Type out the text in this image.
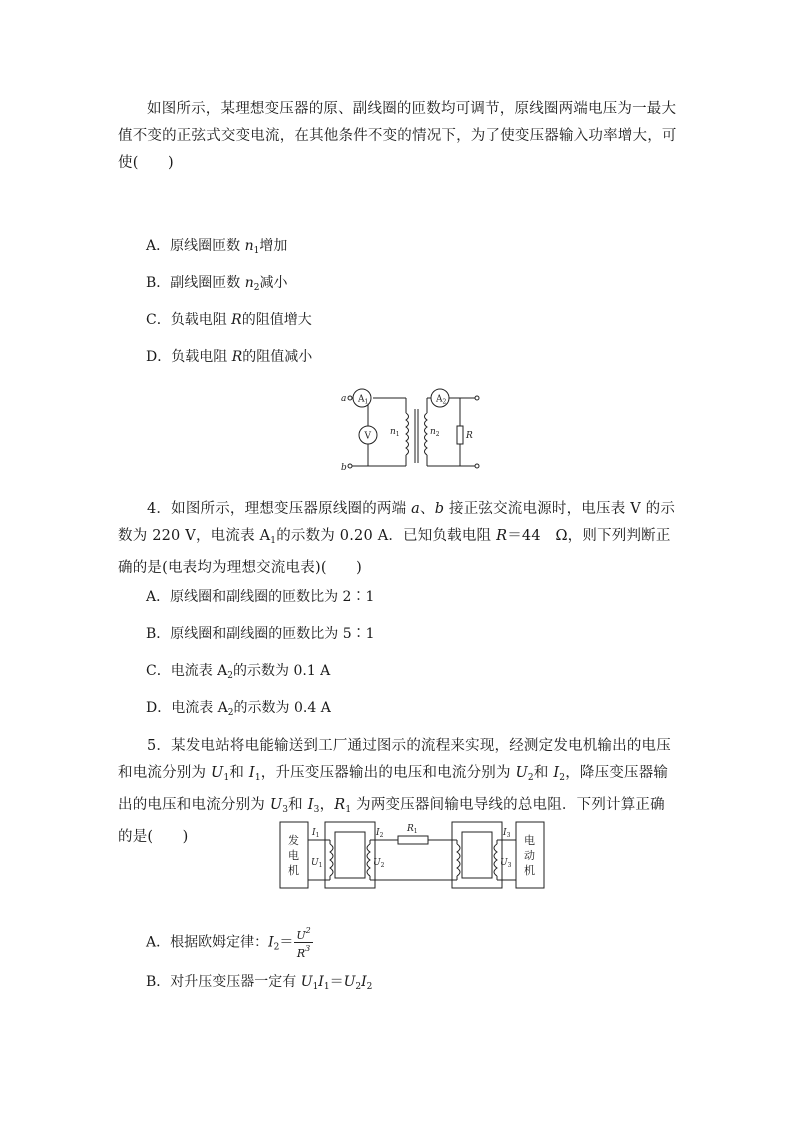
如图所示，某理想变压器的原、副线圈的匝数均可调节，原线圈两端电压为一最大值不变的正弦式交变电流，在其他条件不变的情况下，为了使变压器输入功率增大，可使(　　)
A．原线圈匝数 $n_1$增加
B．副线圈匝数 $n_2$减小
C．负载电阻 R的阻值增大
D．负载电阻 R的阻值减小
a
b
V
$A_1$	$A_2$
$n_1$	$n_2$	R
4．如图所示，理想变压器原线圈的两端 a、b 接正弦交流电源时，电压表 V 的示数为 220 V，电流表 $A_1$的示数为 0.20 A．已知负载电阻 R＝44　Ω，则下列判断正确的是(电表均为理想交流电表)(　　)
A．原线圈和副线圈的匝数比为 2∶1
B．原线圈和副线圈的匝数比为 5∶1
C．电流表 $A_2$的示数为 0.1 A
D．电流表 $A_2$的示数为 0.4 A
5．某发电站将电能输送到工厂通过图示的流程来实现，经测定发电机输出的电压和电流分别为 $U_1$和 $I_1$，升压变压器输出的电压和电流分别为 $U_2$和 $I_2$，降压变压器输出的电压和电流分别为 $U_3$和 $I_3$，$R_1$ 为两变压器间输电导线的总电阻．下列计算正确的是(　　)	发
电
机
电
动
机
$I_1$
$U_1$
$I_2$
$U_2$
$R_1$	$I_3$
$U_3$
A．根据欧姆定律：$I_2= \frac{U^2}{R^3}$
B．对升压变压器一定有 $U_1I_1=U_2I_2$
